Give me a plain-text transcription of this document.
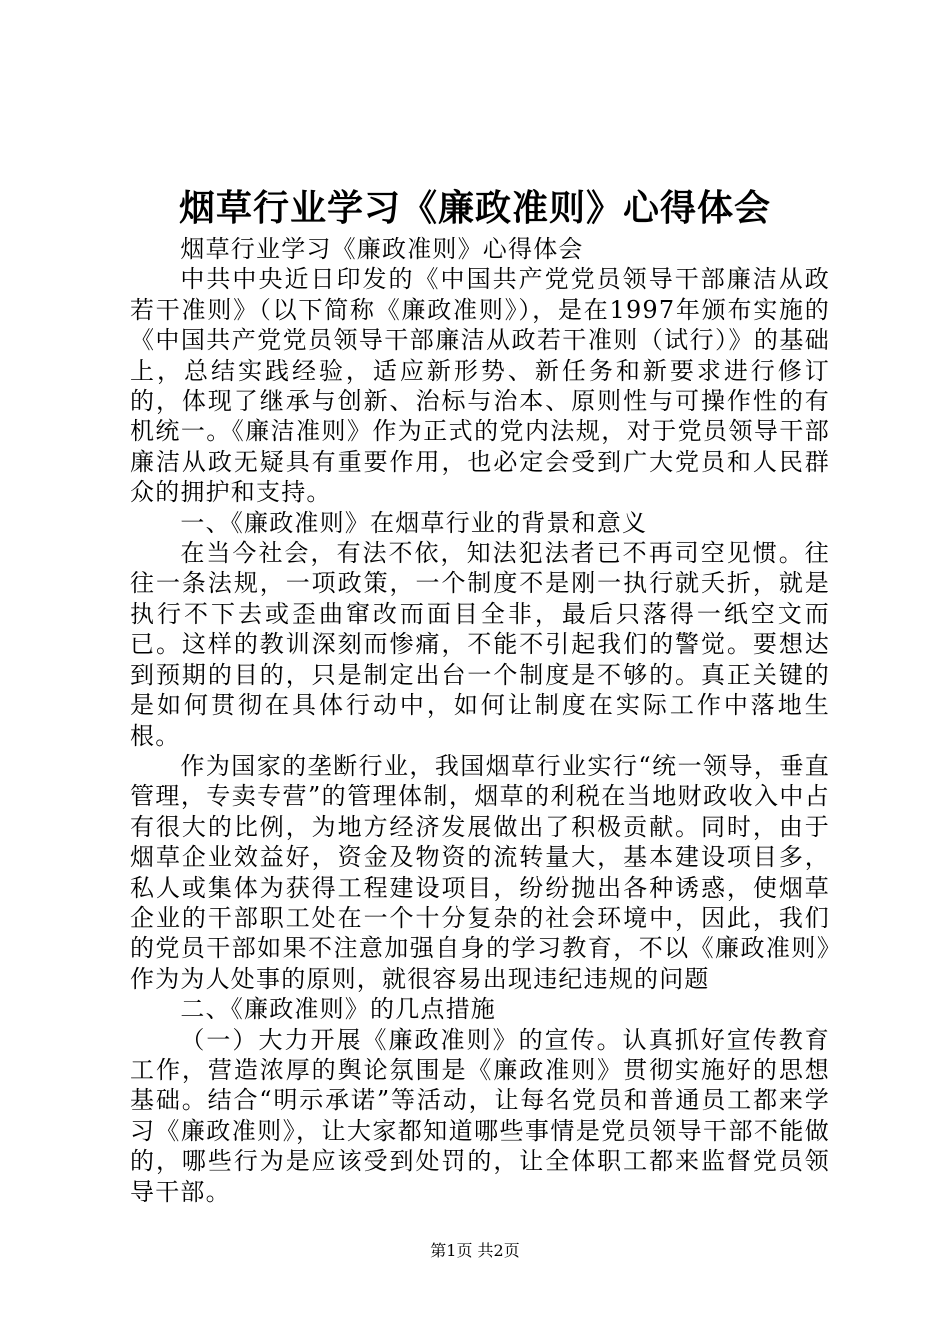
烟草行业学习《廉政准则》心得体会

烟草行业学习《廉政准则》心得体会

中共中央近日印发的《中国共产党党员领导干部廉洁从政若干准则》（以下简称《廉政准则》），是在1997年颁布实施的《中国共产党党员领导干部廉洁从政若干准则（试行）》的基础上，总结实践经验，适应新形势、新任务和新要求进行修订的，体现了继承与创新、治标与治本、原则性与可操作性的有机统一。《廉洁准则》作为正式的党内法规，对于党员领导干部廉洁从政无疑具有重要作用，也必定会受到广大党员和人民群众的拥护和支持。

一、《廉政准则》在烟草行业的背景和意义

在当今社会，有法不依，知法犯法者已不再司空见惯。往往一条法规，一项政策，一个制度不是刚一执行就夭折，就是执行不下去或歪曲窜改而面目全非，最后只落得一纸空文而已。这样的教训深刻而惨痛，不能不引起我们的警觉。要想达到预期的目的，只是制定出台一个制度是不够的。真正关键的是如何贯彻在具体行动中，如何让制度在实际工作中落地生根。

作为国家的垄断行业，我国烟草行业实行“统一领导，垂直管理，专卖专营”的管理体制，烟草的利税在当地财政收入中占有很大的比例，为地方经济发展做出了积极贡献。同时，由于烟草企业效益好，资金及物资的流转量大，基本建设项目多，私人或集体为获得工程建设项目，纷纷抛出各种诱惑，使烟草企业的干部职工处在一个十分复杂的社会环境中，因此，我们的党员干部如果不注意加强自身的学习教育，不以《廉政准则》作为为人处事的原则，就很容易出现违纪违规的问题

二、《廉政准则》的几点措施

（一）大力开展《廉政准则》的宣传。认真抓好宣传教育工作，营造浓厚的舆论氛围是《廉政准则》贯彻实施好的思想基础。结合“明示承诺”等活动，让每名党员和普通员工都来学习《廉政准则》，让大家都知道哪些事情是党员领导干部不能做的，哪些行为是应该受到处罚的，让全体职工都来监督党员领导干部。

第1页 共2页
